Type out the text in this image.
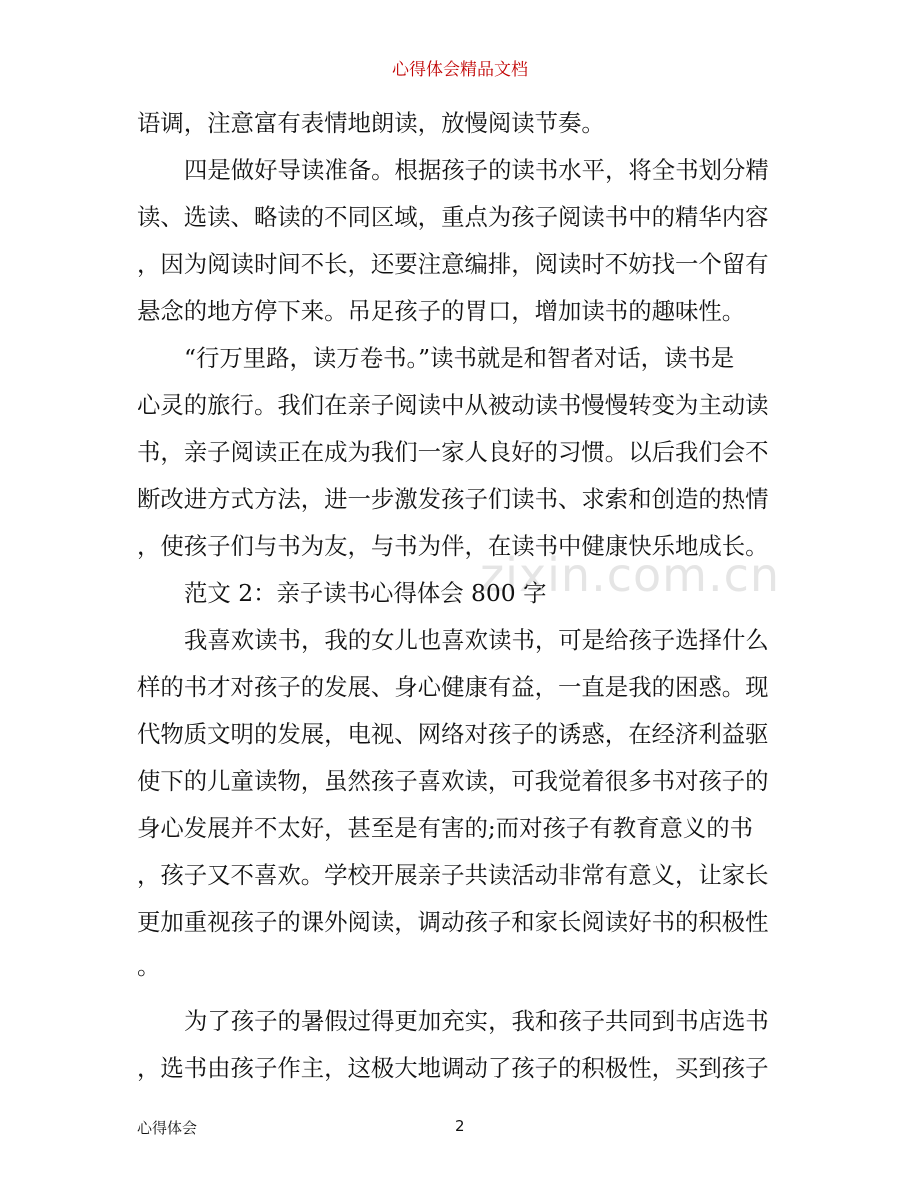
心得体会精品文档
zixin.com.cn
语调，注意富有表情地朗读，放慢阅读节奏。
四是做好导读准备。根据孩子的读书水平，将全书划分精
读、选读、略读的不同区域，重点为孩子阅读书中的精华内容
，因为阅读时间不长，还要注意编排，阅读时不妨找一个留有
悬念的地方停下来。吊足孩子的胃口，增加读书的趣味性。
“行万里路，读万卷书。”读书就是和智者对话，读书是
心灵的旅行。我们在亲子阅读中从被动读书慢慢转变为主动读
书，亲子阅读正在成为我们一家人良好的习惯。以后我们会不
断改进方式方法，进一步激发孩子们读书、求索和创造的热情
，使孩子们与书为友，与书为伴，在读书中健康快乐地成长。
范文 2：亲子读书心得体会 800 字
我喜欢读书，我的女儿也喜欢读书，可是给孩子选择什么
样的书才对孩子的发展、身心健康有益，一直是我的困惑。现
代物质文明的发展，电视、网络对孩子的诱惑，在经济利益驱
使下的儿童读物，虽然孩子喜欢读，可我觉着很多书对孩子的
身心发展并不太好，甚至是有害的;而对孩子有教育意义的书
，孩子又不喜欢。学校开展亲子共读活动非常有意义，让家长
更加重视孩子的课外阅读，调动孩子和家长阅读好书的积极性
。
为了孩子的暑假过得更加充实，我和孩子共同到书店选书
，选书由孩子作主，这极大地调动了孩子的积极性，买到孩子
心得体会	2
